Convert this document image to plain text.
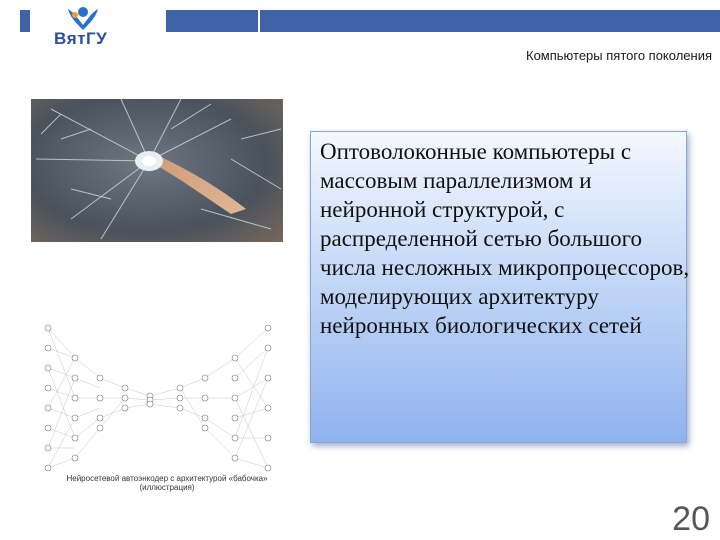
ВятГУ
Компьютеры пятого поколения
Нейросетевой автоэнкодер с архитектурой «бабочка» (иллюстрация)
Оптоволоконные компьютеры с массовым параллелизмом и нейронной структурой, с распределенной сетью большого числа несложных микропроцессоров, моделирующих архитектуру нейронных биологических сетей
20
